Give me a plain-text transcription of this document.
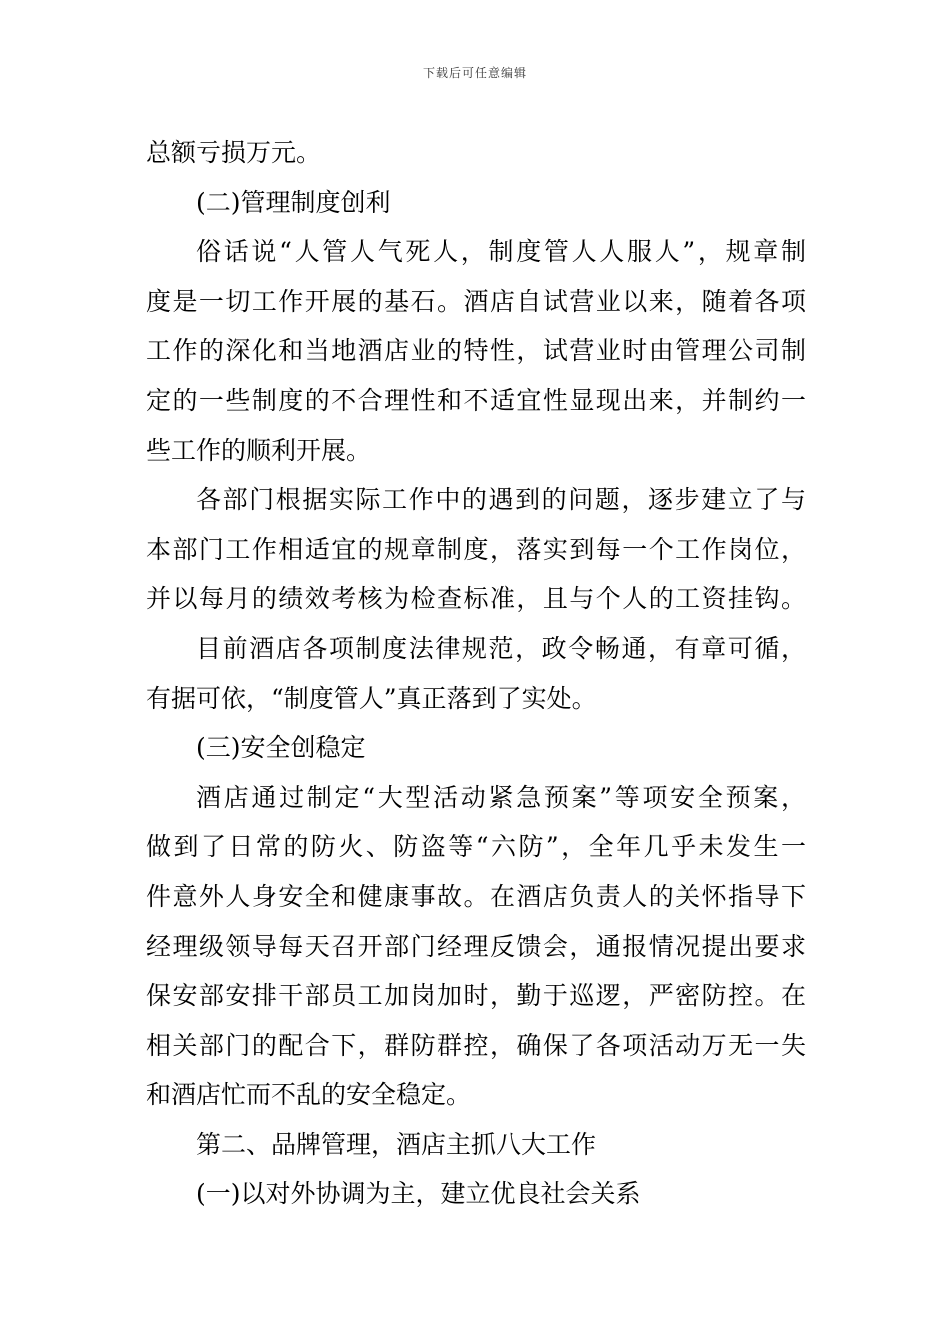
下载后可任意编辑
总额亏损万元。
(二)管理制度创利
俗话说“人管人气死人，制度管人人服人”，规章制
度是一切工作开展的基石。酒店自试营业以来，随着各项
工作的深化和当地酒店业的特性，试营业时由管理公司制
定的一些制度的不合理性和不适宜性显现出来，并制约一
些工作的顺利开展。
各部门根据实际工作中的遇到的问题，逐步建立了与
本部门工作相适宜的规章制度，落实到每一个工作岗位，
并以每月的绩效考核为检查标准，且与个人的工资挂钩。
目前酒店各项制度法律规范，政令畅通，有章可循，
有据可依，“制度管人”真正落到了实处。
(三)安全创稳定
酒店通过制定“大型活动紧急预案”等项安全预案，
做到了日常的防火、防盗等“六防”，全年几乎未发生一
件意外人身安全和健康事故。在酒店负责人的关怀指导下
经理级领导每天召开部门经理反馈会，通报情况提出要求
保安部安排干部员工加岗加时，勤于巡逻，严密防控。在
相关部门的配合下，群防群控，确保了各项活动万无一失
和酒店忙而不乱的安全稳定。
第二、品牌管理，酒店主抓八大工作
(一)以对外协调为主，建立优良社会关系
